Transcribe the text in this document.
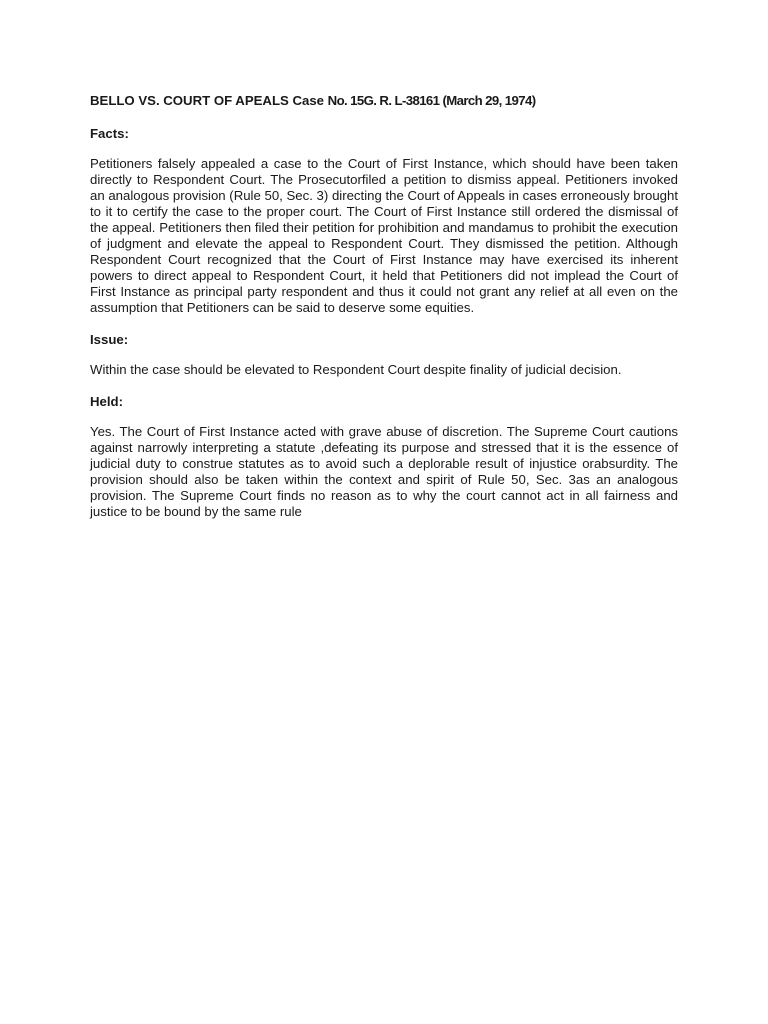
BELLO VS. COURT OF APEALS Case No. 15G. R. L-38161 (March 29, 1974)
Facts:

Petitioners falsely appealed a case to the Court of First Instance, which should have been taken directly to Respondent Court. The Prosecutorfiled a petition to dismiss appeal. Petitioners invoked an analogous provision (Rule 50, Sec. 3) directing the Court of Appeals in cases erroneously brought to it to certify the case to the proper court. The Court of First Instance still ordered the dismissal of the appeal. Petitioners then filed their petition for prohibition and mandamus to prohibit the execution of judgment and elevate the appeal to Respondent Court. They dismissed the petition. Although Respondent Court recognized that the Court of First Instance may have exercised its inherent powers to direct appeal to Respondent Court, it held that Petitioners did not implead the Court of First Instance as principal party respondent and thus it could not grant any relief at all even on the assumption that Petitioners can be said to deserve some equities.

Issue:

Within the case should be elevated to Respondent Court despite finality of judicial decision.

Held:

Yes. The Court of First Instance acted with grave abuse of discretion. The Supreme Court cautions against narrowly interpreting a statute ,defeating its purpose and stressed that it is the essence of judicial duty to construe statutes as to avoid such a deplorable result of injustice orabsurdity. The provision should also be taken within the context and spirit of Rule 50, Sec. 3as an analogous provision. The Supreme Court finds no reason as to why the court cannot act in all fairness and justice to be bound by the same rule
